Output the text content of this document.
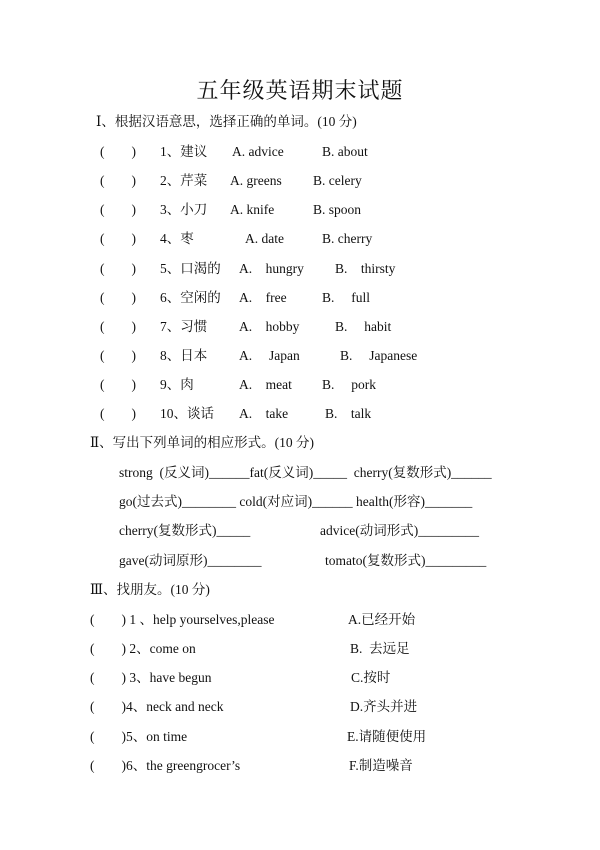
五年级英语期末试题
Ⅰ、根据汉语意思，选择正确的单词。(10 分)
(　　) 1、建议 A. advice	B. about
(　　) 2、芹菜 A. greens B. celery
(　　) 3、小刀 A. knife	B. spoon
(　　) 4、枣	A. date	B. cherry
(　　) 5、口渴的 A.　hungry B.　thirsty
(　　) 6、空闲的 A.　free	B.　 full
(　　) 7、习惯 A.　hobby	B.　 habit
(　　) 8、日本 A.　 Japan	B.　 Japanese
(　　) 9、肉	A.　meat B.　 pork
(　　) 10、谈话 A.　take	B.　talk
Ⅱ、写出下列单词的相应形式。(10 分)
strong  (反义词)______fat(反义词)_____  cherry(复数形式)______
go(过去式)________ cold(对应词)______ health(形容)_______
cherry(复数形式)_____	advice(动词形式)_________
gave(动词原形)________	tomato(复数形式)_________
Ⅲ、找朋友。(10 分)
(　　) 1 、help yourselves,please	A.已经开始
(　　) 2、come on	B.  去远足
(　　) 3、have begun	C.按时
(　　)4、neck and neck	D.齐头并进
(　　)5、on time	E.请随便使用
(　　)6、the greengrocer’s	F.制造噪音
